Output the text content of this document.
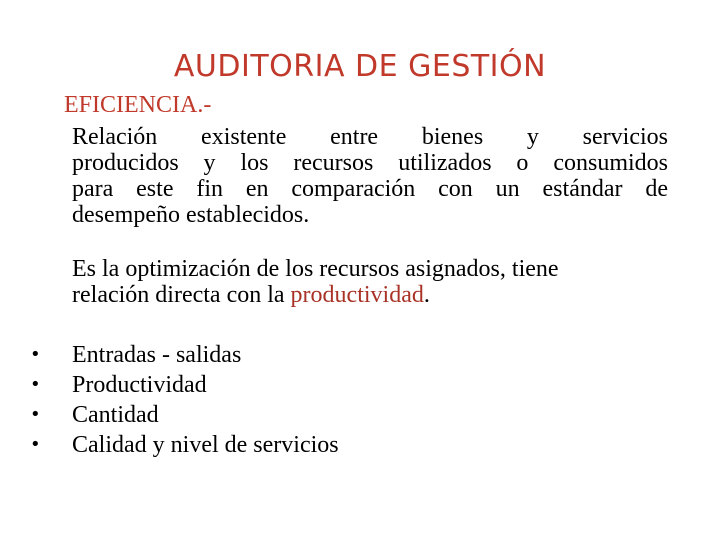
AUDITORIA DE GESTIÓN
EFICIENCIA.-
Relación existente entre bienes y servicios
producidos y los recursos utilizados o consumidos
para este fin en comparación con un estándar de
desempeño establecidos.
Es la optimización de los recursos asignados, tiene
relación directa con la productividad.
• Entradas - salidas
• Productividad
• Cantidad
• Calidad y nivel de servicios
